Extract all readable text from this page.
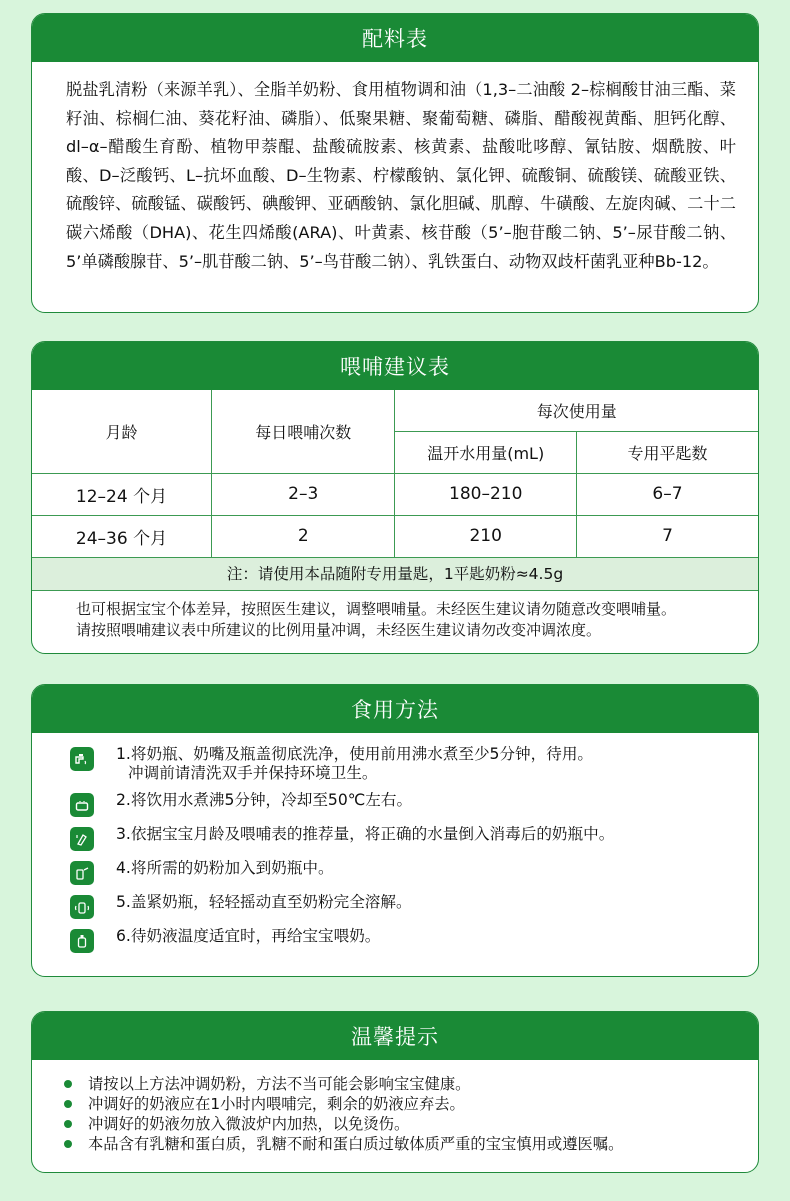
配料表
脱盐乳清粉（来源羊乳）、全脂羊奶粉、食用植物调和油（1,3–二油酸 2–棕榈酸甘油三酯、菜籽油、棕榈仁油、葵花籽油、磷脂）、低聚果糖、聚葡萄糖、磷脂、醋酸视黄酯、胆钙化醇、dl–α–醋酸生育酚、植物甲萘醌、盐酸硫胺素、核黄素、盐酸吡哆醇、氰钴胺、烟酰胺、叶酸、D–泛酸钙、L–抗坏血酸、D–生物素、柠檬酸钠、氯化钾、硫酸铜、硫酸镁、硫酸亚铁、硫酸锌、硫酸锰、碳酸钙、碘酸钾、亚硒酸钠、氯化胆碱、肌醇、牛磺酸、左旋肉碱、二十二碳六烯酸（DHA)、花生四烯酸(ARA)、叶黄素、核苷酸（5’–胞苷酸二钠、5’–尿苷酸二钠、5’单磷酸腺苷、5’–肌苷酸二钠、5’–鸟苷酸二钠）、乳铁蛋白、动物双歧杆菌乳亚种Bb-12。
喂哺建议表
月龄	每日喂哺次数	每次使用量	
		温开水用量(mL)	专用平匙数
12–24 个月	2–3	180–210	6–7
24–36 个月	2	210	7
注：请使用本品随附专用量匙，1平匙奶粉≈4.5g
也可根据宝宝个体差异，按照医生建议，调整喂哺量。未经医生建议请勿随意改变喂哺量。
请按照喂哺建议表中所建议的比例用量冲调，未经医生建议请勿改变冲调浓度。
食用方法
1.将奶瓶、奶嘴及瓶盖彻底洗净，使用前用沸水煮至少5分钟，待用。
冲调前请清洗双手并保持环境卫生。
2.将饮用水煮沸5分钟，冷却至50℃左右。
3.依据宝宝月龄及喂哺表的推荐量，将正确的水量倒入消毒后的奶瓶中。
4.将所需的奶粉加入到奶瓶中。
5.盖紧奶瓶，轻轻摇动直至奶粉完全溶解。
6.待奶液温度适宜时，再给宝宝喂奶。
温馨提示
请按以上方法冲调奶粉，方法不当可能会影响宝宝健康。
冲调好的奶液应在1小时内喂哺完，剩余的奶液应弃去。
冲调好的奶液勿放入微波炉内加热，以免烫伤。
本品含有乳糖和蛋白质，乳糖不耐和蛋白质过敏体质严重的宝宝慎用或遵医嘱。
